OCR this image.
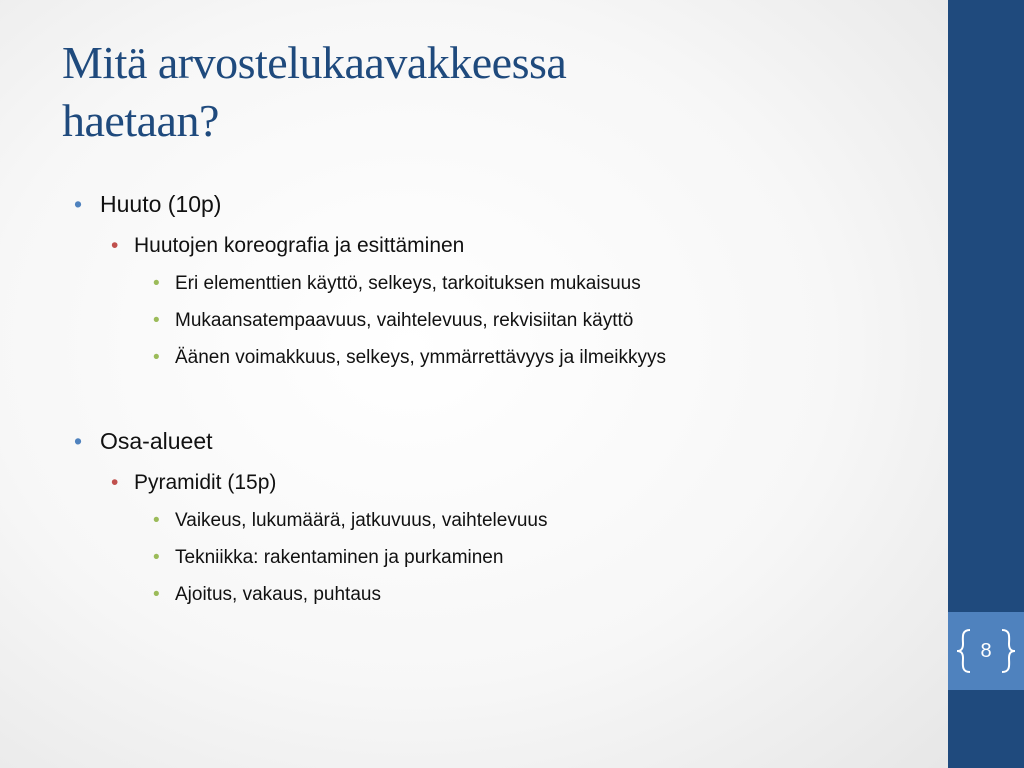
8
Mitä arvostelukaavakkeessa
haetaan?
• Huuto (10p)
• Huutojen koreografia ja esittäminen
• Eri elementtien käyttö, selkeys, tarkoituksen mukaisuus
• Mukaansatempaavuus, vaihtelevuus, rekvisiitan käyttö
• Äänen voimakkuus, selkeys, ymmärrettävyys ja ilmeikkyys
• Osa-alueet
• Pyramidit (15p)
• Vaikeus, lukumäärä, jatkuvuus, vaihtelevuus
• Tekniikka: rakentaminen ja purkaminen
• Ajoitus, vakaus, puhtaus
